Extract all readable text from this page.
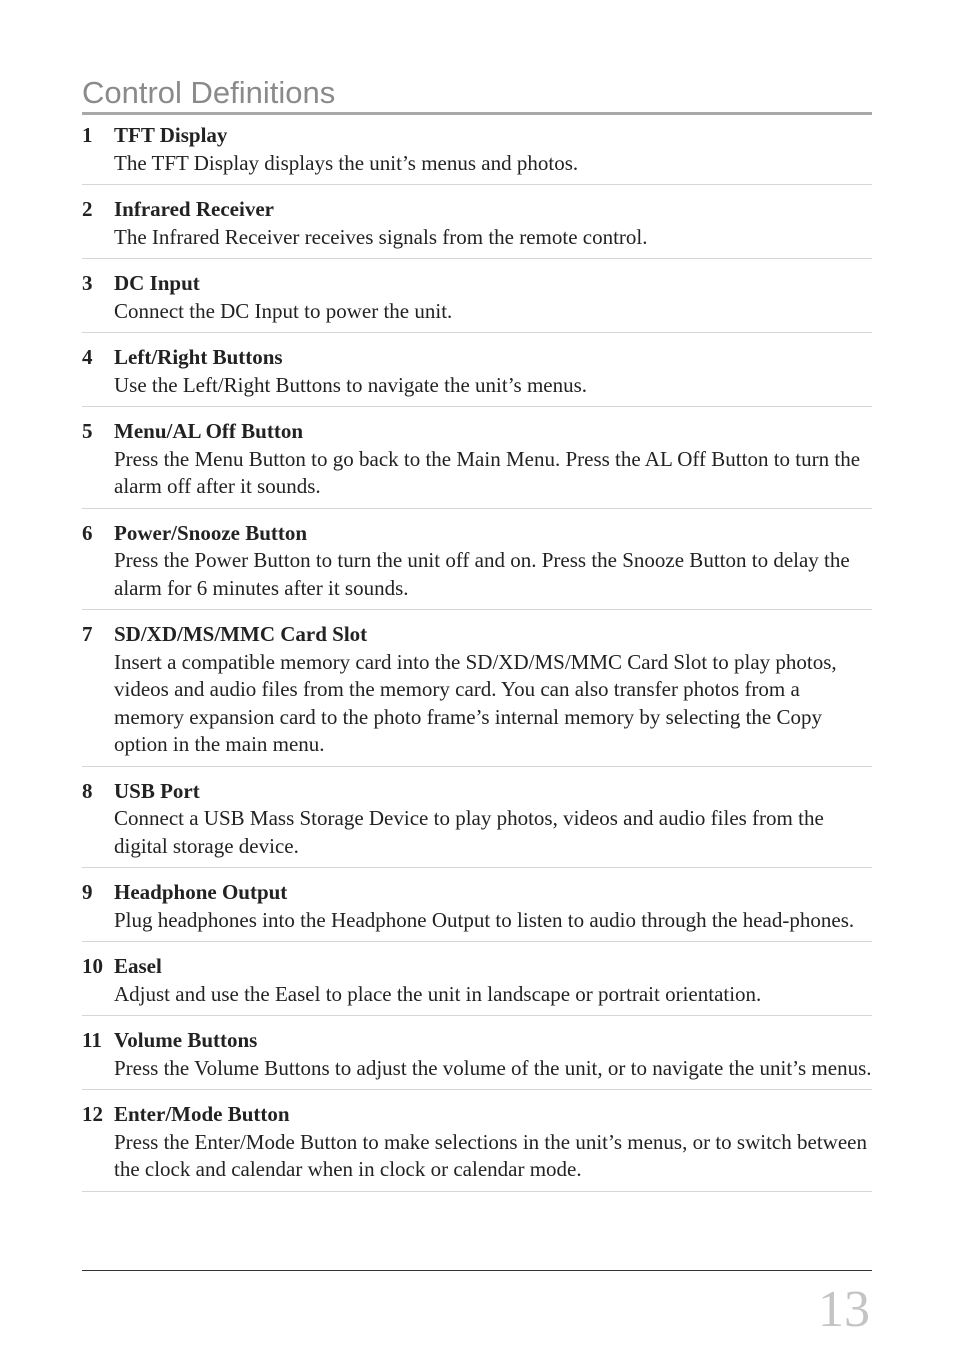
Control Definitions
1	TFT Display
The TFT Display displays the unit’s menus and photos.
2	Infrared Receiver
The Infrared Receiver receives signals from the remote control.
3	DC Input
Connect the DC Input to power the unit.
4	Left/Right Buttons
Use the Left/Right Buttons to navigate the unit’s menus.
5	Menu/AL Off Button
Press the Menu Button to go back to the Main Menu. Press the AL Off Button to turn the alarm off after it sounds.
6	Power/Snooze Button
Press the Power Button to turn the unit off and on. Press the Snooze Button to delay the alarm for 6 minutes after it sounds.
7	SD/XD/MS/MMC Card Slot
Insert a compatible memory card into the SD/XD/MS/MMC Card Slot to play photos, videos and audio files from the memory card. You can also transfer photos from a memory expansion card to the photo frame’s internal memory by selecting the Copy option in the main menu.
8	USB Port
Connect a USB Mass Storage Device to play photos, videos and audio files from the digital storage device.
9	Headphone Output
Plug headphones into the Headphone Output to listen to audio through the head-phones.
10 Easel
Adjust and use the Easel to place the unit in landscape or portrait orientation.
11 Volume Buttons
Press the Volume Buttons to adjust the volume of the unit, or to navigate the unit’s menus.
12 Enter/Mode Button
Press the Enter/Mode Button to make selections in the unit’s menus, or to switch between the clock and calendar when in clock or calendar mode.
13
